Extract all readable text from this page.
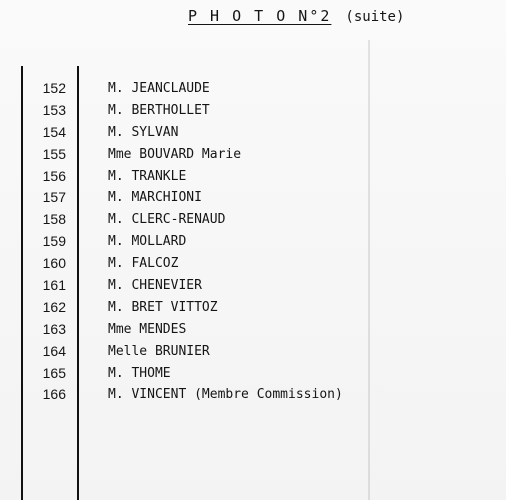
P H O T O N°2 (suite)
152	M. JEANCLAUDE
153	M. BERTHOLLET
154	M. SYLVAN
155	Mme BOUVARD Marie
156	M. TRANKLE
157	M. MARCHIONI
158	M. CLERC-RENAUD
159	M. MOLLARD
160	M. FALCOZ
161	M. CHENEVIER
162	M. BRET VITTOZ
163	Mme MENDES
164	Melle BRUNIER
165	M. THOME
166	M. VINCENT (Membre Commission)
